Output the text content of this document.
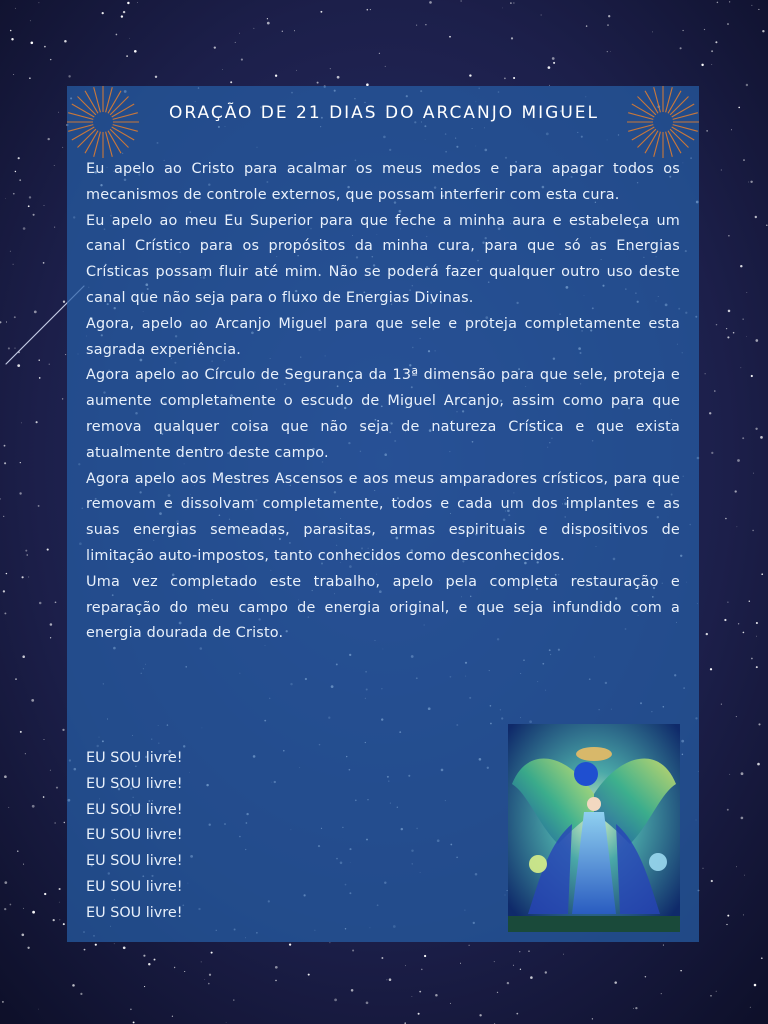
ORAÇÃO DE 21 DIAS DO ARCANJO MIGUEL

Eu apelo ao Cristo para acalmar os meus medos e para apagar todos os mecanismos de controle externos, que possam interferir com esta cura.

Eu apelo ao meu Eu Superior para que feche a minha aura e estabeleça um canal Crístico para os propósitos da minha cura, para que só as Energias Crísticas possam fluir até mim. Não se poderá fazer qualquer outro uso deste canal que não seja para o fluxo de Energias Divinas.

Agora, apelo ao Arcanjo Miguel para que sele e proteja completamente esta sagrada experiência.

Agora apelo ao Círculo de Segurança da 13ª dimensão para que sele, proteja e aumente completamente o escudo de Miguel Arcanjo, assim como para que remova qualquer coisa que não seja de natureza Crística e que exista atualmente dentro deste campo.

Agora apelo aos Mestres Ascensos e aos meus amparadores crísticos, para que removam e dissolvam completamente, todos e cada um dos implantes e as suas energias semeadas, parasitas, armas espirituais e dispositivos de limitação auto-impostos, tanto conhecidos como desconhecidos.

Uma vez completado este trabalho, apelo pela completa restauração e reparação do meu campo de energia original, e que seja infundido com a energia dourada de Cristo.

EU SOU livre!
EU SOU livre!
EU SOU livre!
EU SOU livre!
EU SOU livre!
EU SOU livre!
EU SOU livre!
